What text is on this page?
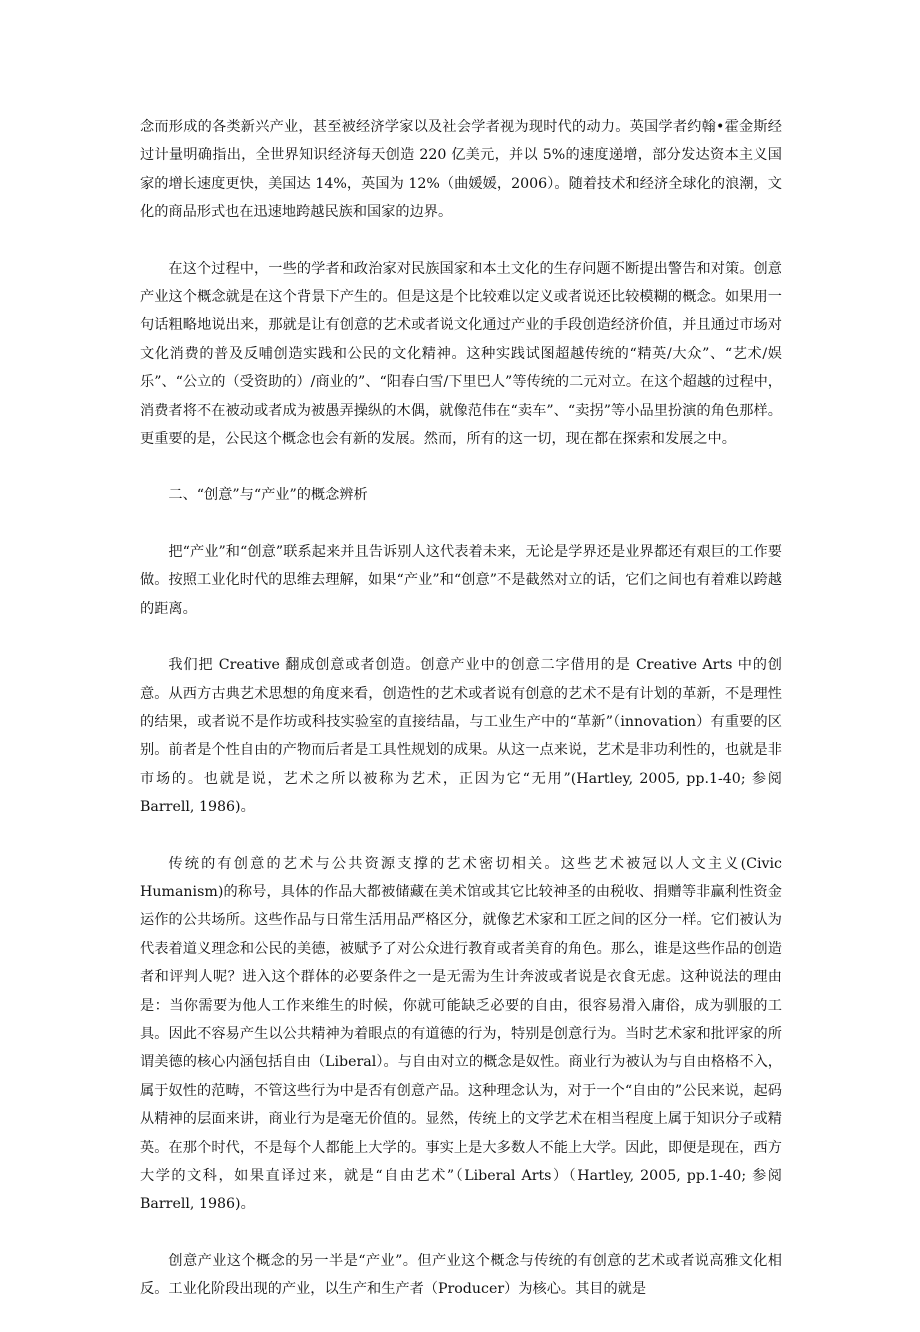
念而形成的各类新兴产业，甚至被经济学家以及社会学者视为现时代的动力。英国学者约翰•霍金斯经过计量明确指出，全世界知识经济每天创造 220 亿美元，并以 5%的速度递增，部分发达资本主义国家的增长速度更快，美国达 14%，英国为 12%（曲媛媛，2006）。随着技术和经济全球化的浪潮，文化的商品形式也在迅速地跨越民族和国家的边界。

在这个过程中，一些的学者和政治家对民族国家和本土文化的生存问题不断提出警告和对策。创意产业这个概念就是在这个背景下产生的。但是这是个比较难以定义或者说还比较模糊的概念。如果用一句话粗略地说出来，那就是让有创意的艺术或者说文化通过产业的手段创造经济价值，并且通过市场对文化消费的普及反哺创造实践和公民的文化精神。这种实践试图超越传统的“精英/大众”、“艺术/娱乐”、“公立的（受资助的）/商业的”、“阳春白雪/下里巴人”等传统的二元对立。在这个超越的过程中，消费者将不在被动或者成为被愚弄操纵的木偶，就像范伟在“卖车”、“卖拐”等小品里扮演的角色那样。更重要的是，公民这个概念也会有新的发展。然而，所有的这一切，现在都在探索和发展之中。

二、“创意”与“产业”的概念辨析

把“产业”和“创意”联系起来并且告诉别人这代表着未来，无论是学界还是业界都还有艰巨的工作要做。按照工业化时代的思维去理解，如果“产业”和“创意”不是截然对立的话，它们之间也有着难以跨越的距离。

我们把 Creative 翻成创意或者创造。创意产业中的创意二字借用的是 Creative Arts 中的创意。从西方古典艺术思想的角度来看，创造性的艺术或者说有创意的艺术不是有计划的革新，不是理性的结果，或者说不是作坊或科技实验室的直接结晶，与工业生产中的“革新”（innovation）有重要的区别。前者是个性自由的产物而后者是工具性规划的成果。从这一点来说，艺术是非功利性的，也就是非市场的。也就是说，艺术之所以被称为艺术，正因为它“无用”(Hartley, 2005, pp.1-40; 参阅 Barrell, 1986)。

传统的有创意的艺术与公共资源支撑的艺术密切相关。这些艺术被冠以人文主义(Civic Humanism)的称号，具体的作品大都被储藏在美术馆或其它比较神圣的由税收、捐赠等非赢利性资金运作的公共场所。这些作品与日常生活用品严格区分，就像艺术家和工匠之间的区分一样。它们被认为代表着道义理念和公民的美德，被赋予了对公众进行教育或者美育的角色。那么，谁是这些作品的创造者和评判人呢？进入这个群体的必要条件之一是无需为生计奔波或者说是衣食无虑。这种说法的理由是：当你需要为他人工作来维生的时候，你就可能缺乏必要的自由，很容易滑入庸俗，成为驯服的工具。因此不容易产生以公共精神为着眼点的有道德的行为，特别是创意行为。当时艺术家和批评家的所谓美德的核心内涵包括自由（Liberal）。与自由对立的概念是奴性。商业行为被认为与自由格格不入，属于奴性的范畴，不管这些行为中是否有创意产品。这种理念认为，对于一个“自由的”公民来说，起码从精神的层面来讲，商业行为是毫无价值的。显然，传统上的文学艺术在相当程度上属于知识分子或精英。在那个时代，不是每个人都能上大学的。事实上是大多数人不能上大学。因此，即便是现在，西方大学的文科，如果直译过来，就是“自由艺术”（Liberal Arts）（Hartley, 2005, pp.1-40; 参阅 Barrell, 1986)。

创意产业这个概念的另一半是“产业”。但产业这个概念与传统的有创意的艺术或者说高雅文化相反。工业化阶段出现的产业，以生产和生产者（Producer）为核心。其目的就是
